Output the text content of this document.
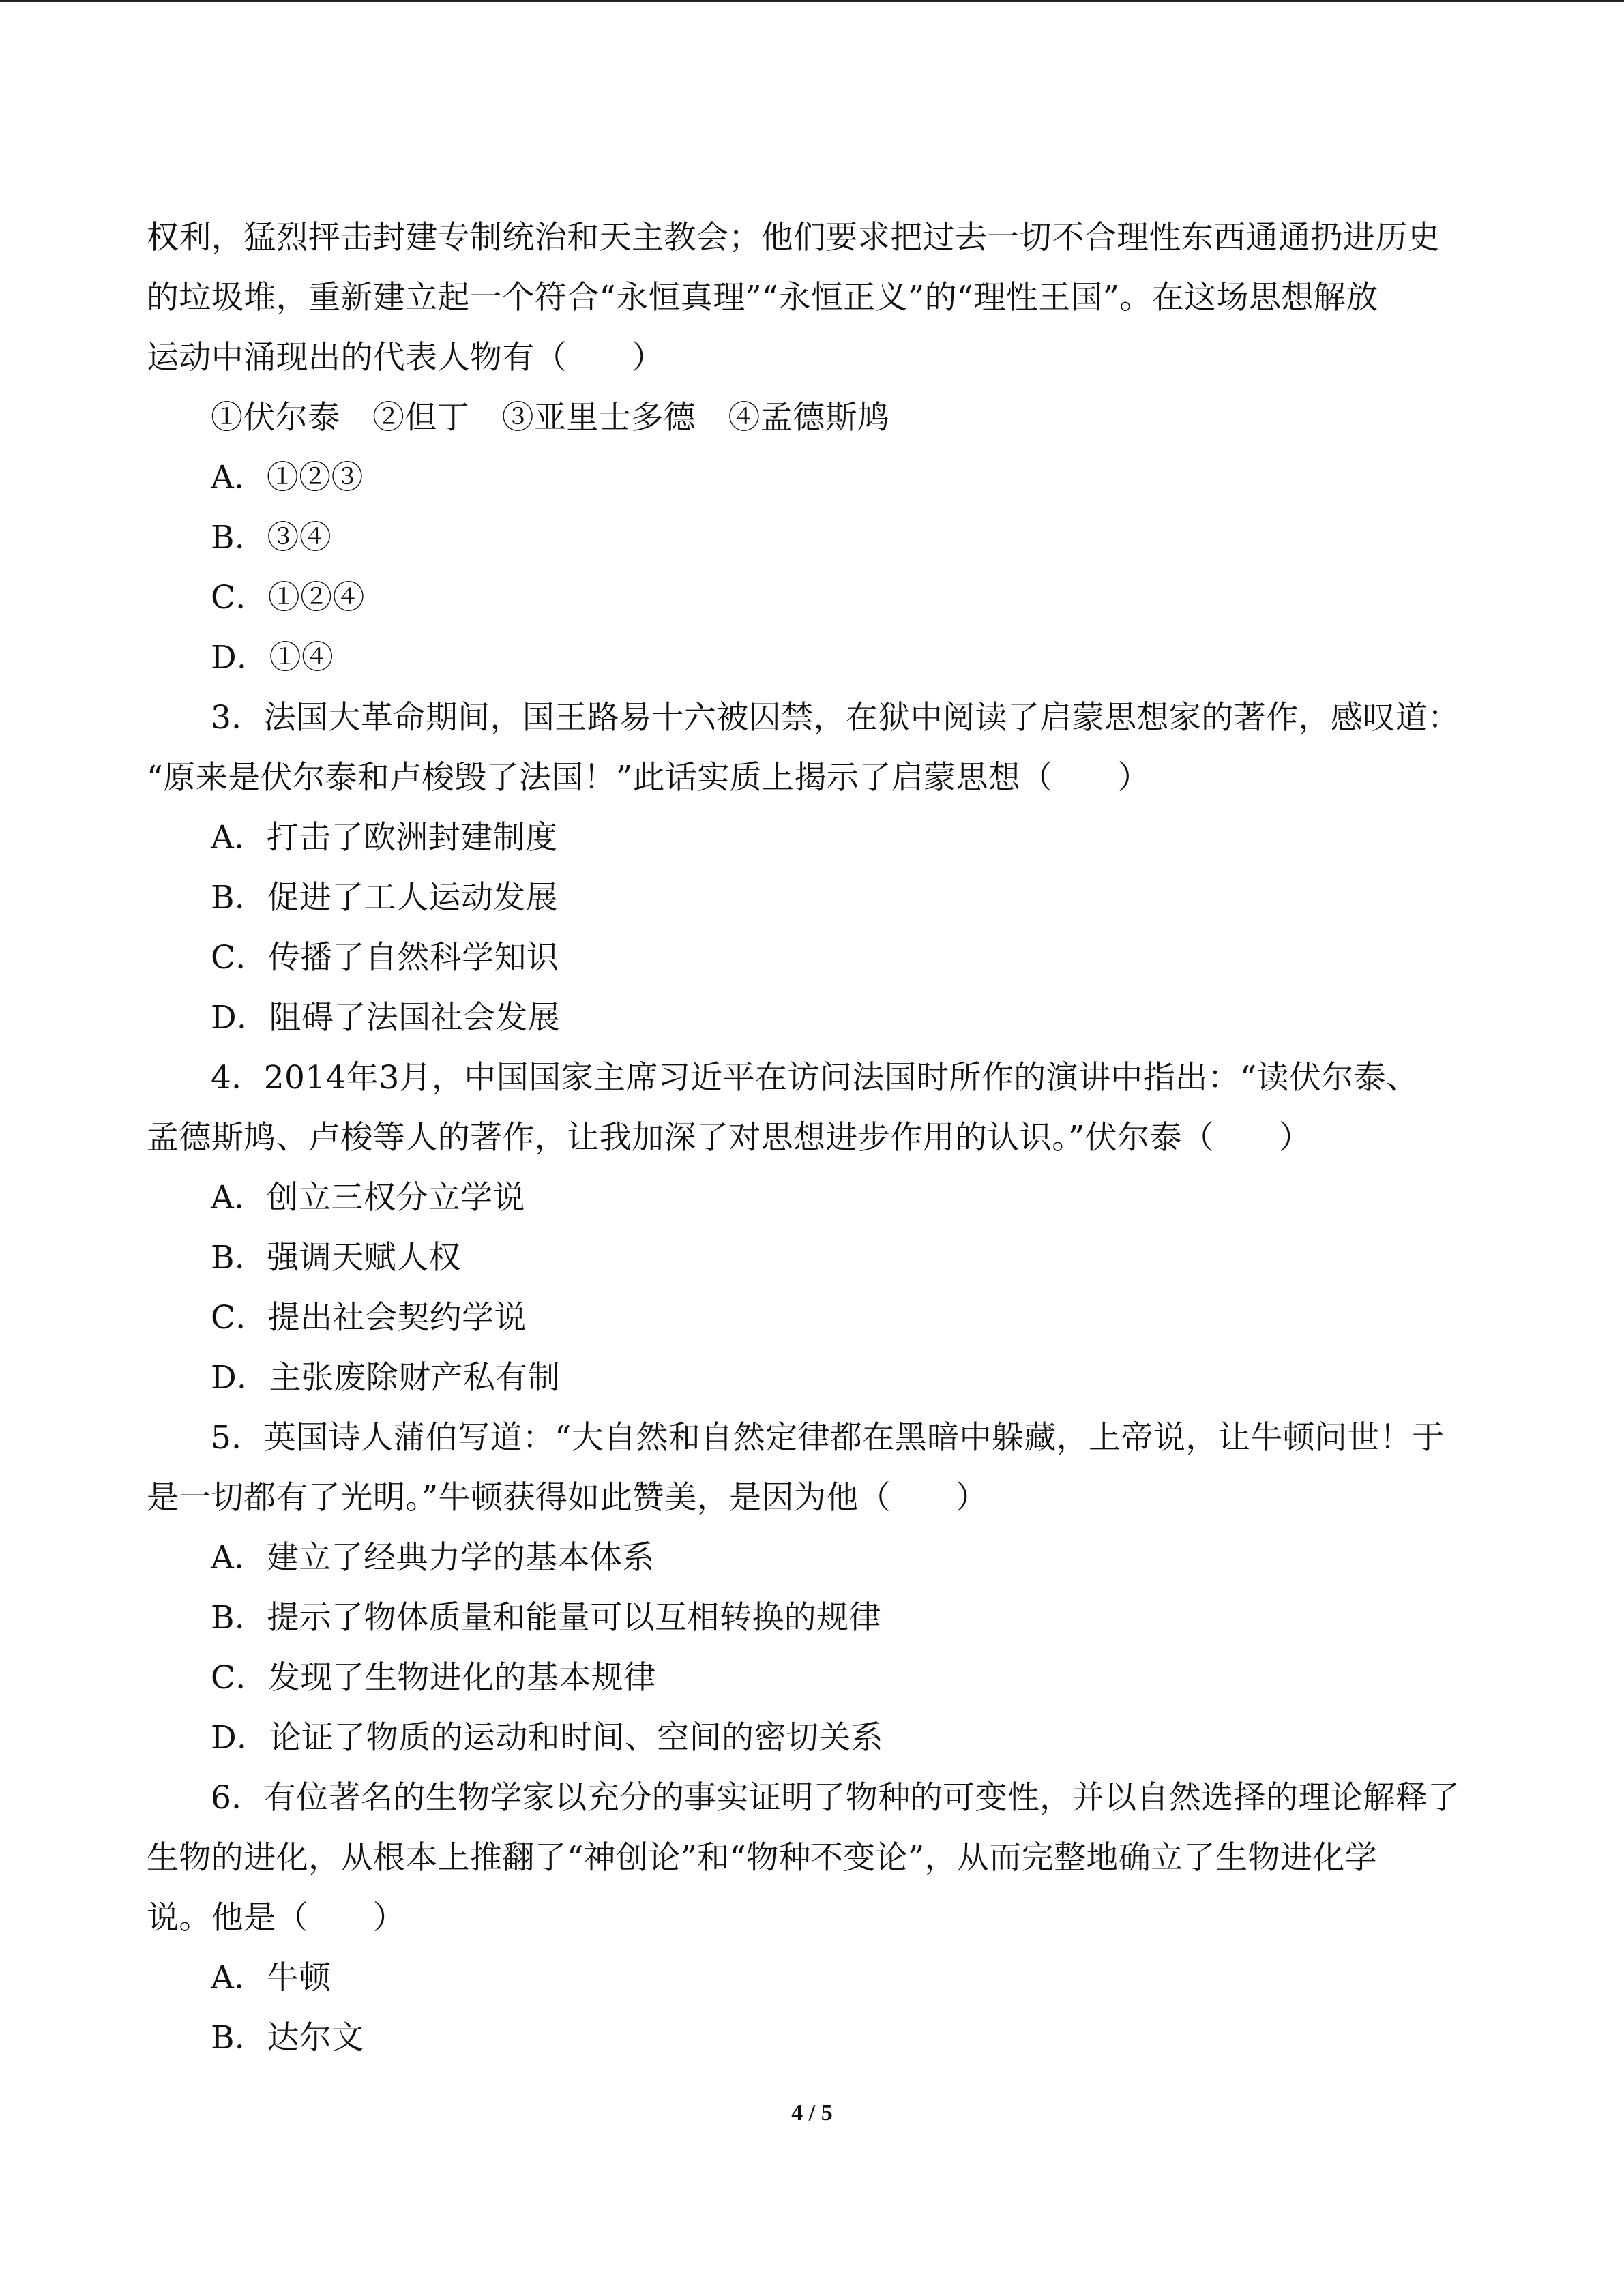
权利，猛烈抨击封建专制统治和天主教会；他们要求把过去一切不合理性东西通通扔进历史
的垃圾堆，重新建立起一个符合“永恒真理”“永恒正义”的“理性王国”。在这场思想解放
运动中涌现出的代表人物有（　　）
①伏尔泰　②但丁　③亚里士多德　④孟德斯鸠
A．①②③
B．③④
C．①②④
D．①④
3．法国大革命期间，国王路易十六被囚禁，在狱中阅读了启蒙思想家的著作，感叹道：
“原来是伏尔泰和卢梭毁了法国！”此话实质上揭示了启蒙思想（　　）
A．打击了欧洲封建制度
B．促进了工人运动发展
C．传播了自然科学知识
D．阻碍了法国社会发展
4．2014年3月，中国国家主席习近平在访问法国时所作的演讲中指出：“读伏尔泰、
孟德斯鸠、卢梭等人的著作，让我加深了对思想进步作用的认识。”伏尔泰（　　）
A．创立三权分立学说
B．强调天赋人权
C．提出社会契约学说
D．主张废除财产私有制
5．英国诗人蒲伯写道：“大自然和自然定律都在黑暗中躲藏，上帝说，让牛顿问世！于
是一切都有了光明。”牛顿获得如此赞美，是因为他（　　）
A．建立了经典力学的基本体系
B．提示了物体质量和能量可以互相转换的规律
C．发现了生物进化的基本规律
D．论证了物质的运动和时间、空间的密切关系
6．有位著名的生物学家以充分的事实证明了物种的可变性，并以自然选择的理论解释了
生物的进化，从根本上推翻了“神创论”和“物种不变论”，从而完整地确立了生物进化学
说。他是（　　）
A．牛顿
B．达尔文
4 / 5
